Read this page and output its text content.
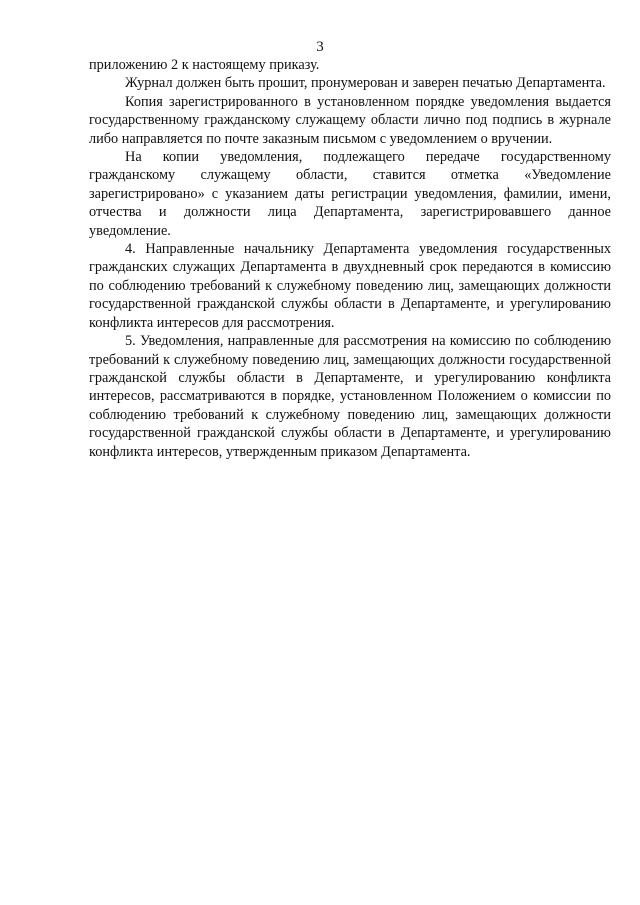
3

приложению 2 к настоящему приказу.

Журнал должен быть прошит, пронумерован и заверен печатью Департамента.

Копия зарегистрированного в установленном порядке уведомления выдается государственному гражданскому служащему области лично под подпись в журнале либо направляется по почте заказным письмом с уведомлением о вручении.

На копии уведомления, подлежащего передаче государственному гражданскому служащему области, ставится отметка «Уведомление зарегистрировано» с указанием даты регистрации уведомления, фамилии, имени, отчества и должности лица Департамента, зарегистрировавшего данное уведомление.

4. Направленные начальнику Департамента уведомления государственных гражданских служащих Департамента в двухдневный срок передаются в комиссию по соблюдению требований к служебному поведению лиц, замещающих должности государственной гражданской службы области в Департаменте, и урегулированию конфликта интересов для рассмотрения.

5. Уведомления, направленные для рассмотрения на комиссию по соблюдению требований к служебному поведению лиц, замещающих должности государственной гражданской службы области в Департаменте, и урегулированию конфликта интересов, рассматриваются в порядке, установленном Положением о комиссии по соблюдению требований к служебному поведению лиц, замещающих должности государственной гражданской службы области в Департаменте, и урегулированию конфликта интересов, утвержденным приказом Департамента.
